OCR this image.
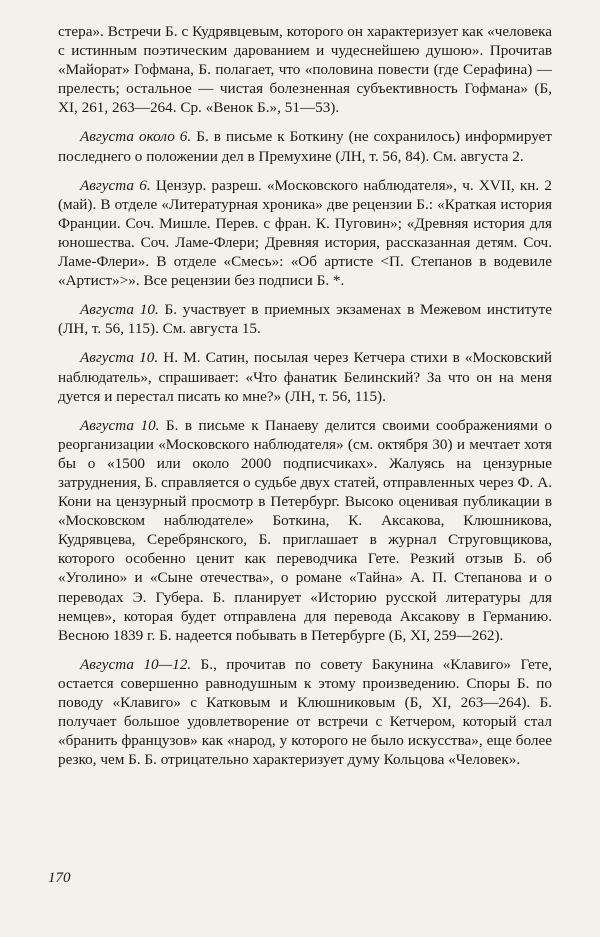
стера». Встречи Б. с Кудрявцевым, которого он характеризует как «человека с истинным поэтическим дарованием и чудеснейшею душою». Прочитав «Майорат» Гофмана, Б. полагает, что «половина повести (где Серафина) — прелесть; остальное — чистая болезненная субъективность Гофмана» (Б, XI, 261, 263—264. Ср. «Венок Б.», 51—53).

Августа около 6. Б. в письме к Боткину (не сохранилось) информирует последнего о положении дел в Премухине (ЛН, т. 56, 84). См. августа 2.

Августа 6. Цензур. разреш. «Московского наблюдателя», ч. XVII, кн. 2 (май). В отделе «Литературная хроника» две рецензии Б.: «Краткая история Франции. Соч. Мишле. Перев. с фран. К. Пуговин»; «Древняя история для юношества. Соч. Ламе-Флери; Древняя история, рассказанная детям. Соч. Ламе-Флери». В отделе «Смесь»: «Об артисте <П. Степанов в водевиле «Артист»>». Все рецензии без подписи Б. *.

Августа 10. Б. участвует в приемных экзаменах в Межевом институте (ЛН, т. 56, 115). См. августа 15.

Августа 10. Н. М. Сатин, посылая через Кетчера стихи в «Московский наблюдатель», спрашивает: «Что фанатик Белинский? За что он на меня дуется и перестал писать ко мне?» (ЛН, т. 56, 115).

Августа 10. Б. в письме к Панаеву делится своими соображениями о реорганизации «Московского наблюдателя» (см. октября 30) и мечтает хотя бы о «1500 или около 2000 подписчиках». Жалуясь на цензурные затруднения, Б. справляется о судьбе двух статей, отправленных через Ф. А. Кони на цензурный просмотр в Петербург. Высоко оценивая публикации в «Московском наблюдателе» Боткина, К. Аксакова, Клюшникова, Кудрявцева, Серебрянского, Б. приглашает в журнал Струговщикова, которого особенно ценит как переводчика Гете. Резкий отзыв Б. об «Уголино» и «Сыне отечества», о романе «Тайна» А. П. Степанова и о переводах Э. Губера. Б. планирует «Историю русской литературы для немцев», которая будет отправлена для перевода Аксакову в Германию. Весною 1839 г. Б. надеется побывать в Петербурге (Б, XI, 259—262).

Августа 10—12. Б., прочитав по совету Бакунина «Клавиго» Гете, остается совершенно равнодушным к этому произведению. Споры Б. по поводу «Клавиго» с Катковым и Клюшниковым (Б, XI, 263—264). Б. получает большое удовлетворение от встречи с Кетчером, который стал «бранить французов» как «народ, у которого не было искусства», еще более резко, чем Б. Б. отрицательно характеризует думу Кольцова «Человек».

170
